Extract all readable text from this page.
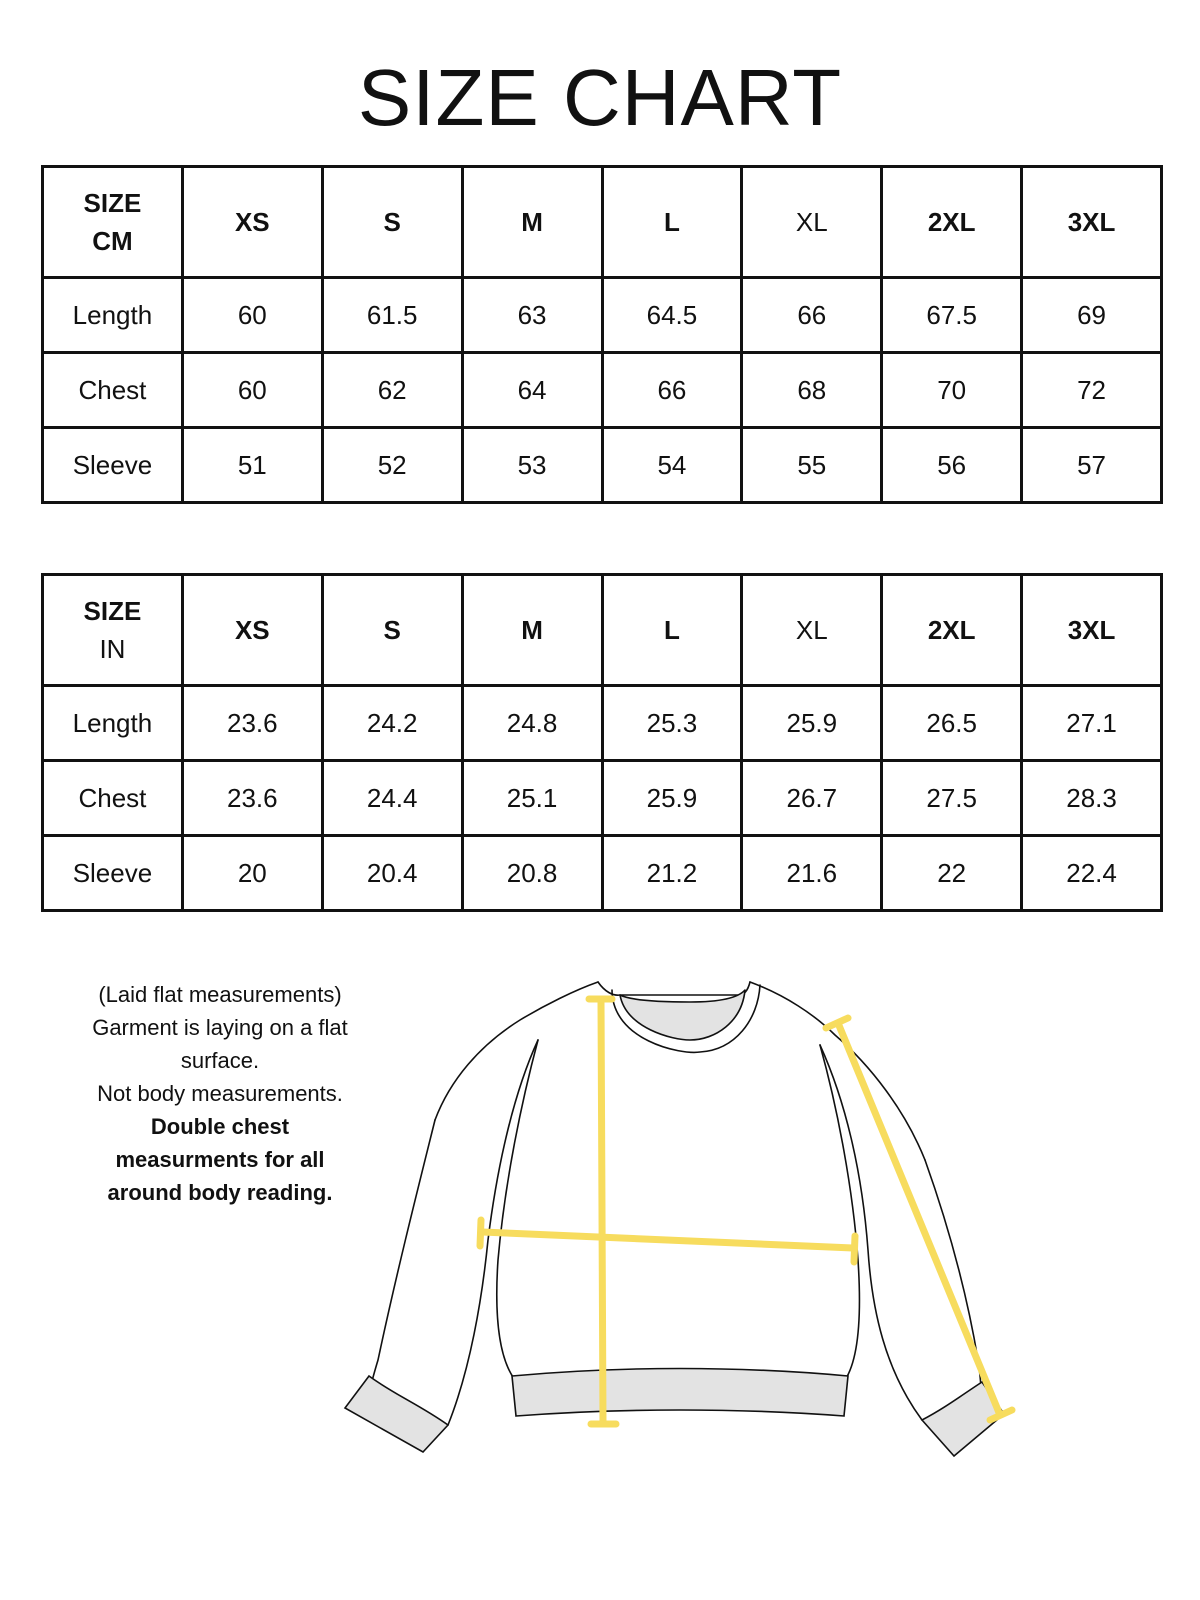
SIZE CHART
SIZE
CM	XS	S	M	L	XL	2XL	3XL
Length	60	61.5	63	64.5	66	67.5	69
Chest	60	62	64	66	68	70	72
Sleeve	51	52	53	54	55	56	57
SIZE
IN	XS	S	M	L	XL	2XL	3XL
Length	23.6	24.2	24.8	25.3	25.9	26.5	27.1
Chest	23.6	24.4	25.1	25.9	26.7	27.5	28.3
Sleeve	20	20.4	20.8	21.2	21.6	22	22.4
(Laid flat measurements)
Garment is laying on a flat
surface.
Not body measurements.
Double chest
measurments for all
around body reading.
